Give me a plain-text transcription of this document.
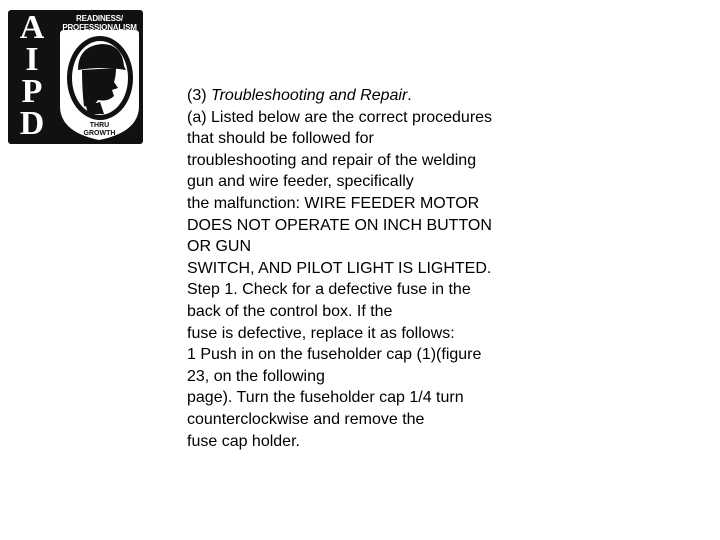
A
I
P
D
READINESS/
PROFESSIONALISM
THRU
GROWTH

(3) Troubleshooting and Repair.

(a) Listed below are the correct procedures

that should be followed for

troubleshooting and repair of the welding

gun and wire feeder, specifically

the malfunction: WIRE FEEDER MOTOR

DOES NOT OPERATE ON INCH BUTTON

OR GUN

SWITCH, AND PILOT LIGHT IS LIGHTED.

Step 1. Check for a defective fuse in the

back of the control box. If the

fuse is defective, replace it as follows:

1 Push in on the fuseholder cap (1)(figure

23, on the following

page). Turn the fuseholder cap 1/4 turn

counterclockwise and remove the

fuse cap holder.
